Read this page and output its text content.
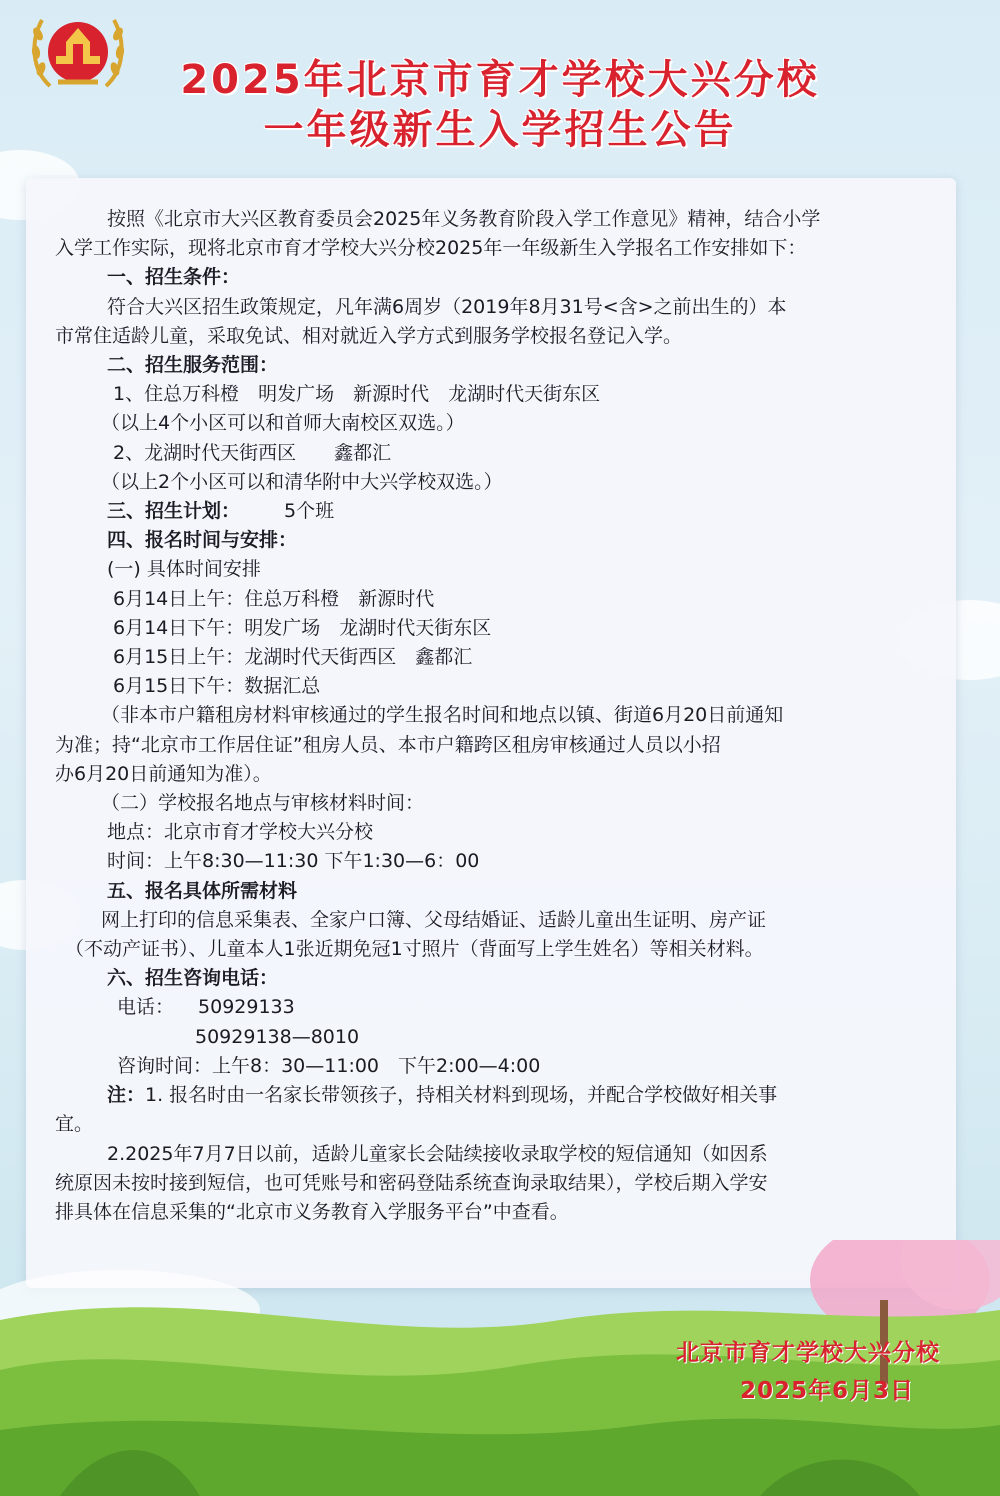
2025年北京市育才学校大兴分校
一年级新生入学招生公告

按照《北京市大兴区教育委员会2025年义务教育阶段入学工作意见》精神，结合小学

入学工作实际，现将北京市育才学校大兴分校2025年一年级新生入学报名工作安排如下：

一、招生条件：

符合大兴区招生政策规定，凡年满6周岁（2019年8月31号<含>之前出生的）本

市常住适龄儿童，采取免试、相对就近入学方式到服务学校报名登记入学。

二、招生服务范围：

1、住总万科橙　明发广场　新源时代　龙湖时代天街东区

（以上4个小区可以和首师大南校区双选。）

2、龙湖时代天街西区　　鑫都汇

（以上2个小区可以和清华附中大兴学校双选。）

三、招生计划： 5个班

四、报名时间与安排：

(一) 具体时间安排

6月14日上午：住总万科橙　新源时代

6月14日下午：明发广场　龙湖时代天街东区

6月15日上午：龙湖时代天街西区　鑫都汇

6月15日下午：数据汇总

（非本市户籍租房材料审核通过的学生报名时间和地点以镇、街道6月20日前通知

为准；持“北京市工作居住证”租房人员、本市户籍跨区租房审核通过人员以小招

办6月20日前通知为准）。

（二）学校报名地点与审核材料时间：

地点：北京市育才学校大兴分校

时间：上午8:30—11:30 下午1:30—6：00

五、报名具体所需材料

网上打印的信息采集表、全家户口簿、父母结婚证、适龄儿童出生证明、房产证

（不动产证书）、儿童本人1张近期免冠1寸照片（背面写上学生姓名）等相关材料。

六、招生咨询电话：

电话： 50929133

50929138—8010

咨询时间：上午8：30—11:00　下午2:00—4:00

注：1. 报名时由一名家长带领孩子，持相关材料到现场，并配合学校做好相关事

宜。

2.2025年7月7日以前，适龄儿童家长会陆续接收录取学校的短信通知（如因系

统原因未按时接到短信，也可凭账号和密码登陆系统查询录取结果），学校后期入学安

排具体在信息采集的“北京市义务教育入学服务平台”中查看。

北京市育才学校大兴分校
2025年6月3日
